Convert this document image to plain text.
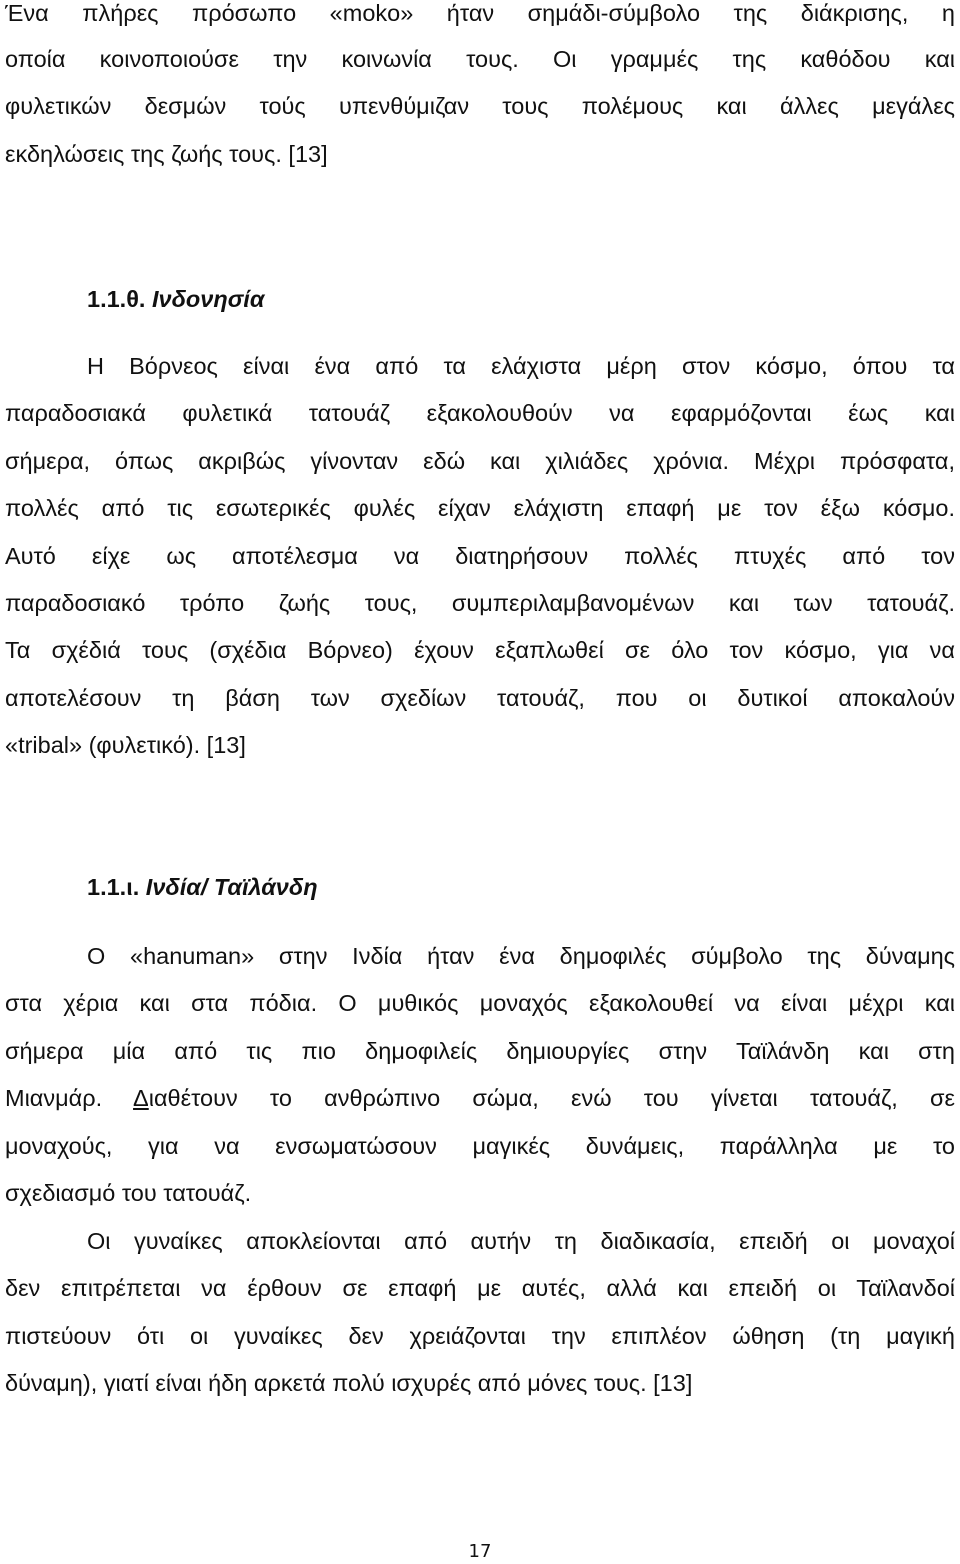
Ένα πλήρες πρόσωπο «moko» ήταν σημάδι-σύμβολο της διάκρισης, η
οποία κοινοποιούσε την κοινωνία τους. Οι γραμμές της καθόδου και
φυλετικών δεσμών τούς υπενθύμιζαν τους πολέμους και άλλες μεγάλες
εκδηλώσεις της ζωής τους. [13]
1.1.θ. Ινδονησία
Η Βόρνεος είναι ένα από τα ελάχιστα μέρη στον κόσμο, όπου τα
παραδοσιακά φυλετικά τατουάζ εξακολουθούν να εφαρμόζονται έως και
σήμερα, όπως ακριβώς γίνονταν εδώ και χιλιάδες χρόνια. Μέχρι πρόσφατα,
πολλές από τις εσωτερικές φυλές είχαν ελάχιστη επαφή με τον έξω κόσμο.
Αυτό είχε ως αποτέλεσμα να διατηρήσουν πολλές πτυχές από τον
παραδοσιακό τρόπο ζωής τους, συμπεριλαμβανομένων και των τατουάζ.
Τα σχέδιά τους (σχέδια Βόρνεο) έχουν εξαπλωθεί σε όλο τον κόσμο, για να
αποτελέσουν τη βάση των σχεδίων τατουάζ, που οι δυτικοί αποκαλούν
«tribal» (φυλετικό). [13]
1.1.ι. Ινδία/ Ταϊλάνδη
Ο «hanuman» στην Ινδία ήταν ένα δημοφιλές σύμβολο της δύναμης
στα χέρια και στα πόδια. Ο μυθικός μοναχός εξακολουθεί να είναι μέχρι και
σήμερα μία από τις πιο δημοφιλείς δημιουργίες στην Ταϊλάνδη και στη
Μιανμάρ. Διαθέτουν το ανθρώπινο σώμα, ενώ του γίνεται τατουάζ, σε
μοναχούς, για να ενσωματώσουν μαγικές δυνάμεις, παράλληλα με το
σχεδιασμό του τατουάζ.
Οι γυναίκες αποκλείονται από αυτήν τη διαδικασία, επειδή οι μοναχοί
δεν επιτρέπεται να έρθουν σε επαφή με αυτές, αλλά και επειδή οι Ταϊλανδοί
πιστεύουν ότι οι γυναίκες δεν χρειάζονται την επιπλέον ώθηση (τη μαγική
δύναμη), γιατί είναι ήδη αρκετά πολύ ισχυρές από μόνες τους. [13]
17
